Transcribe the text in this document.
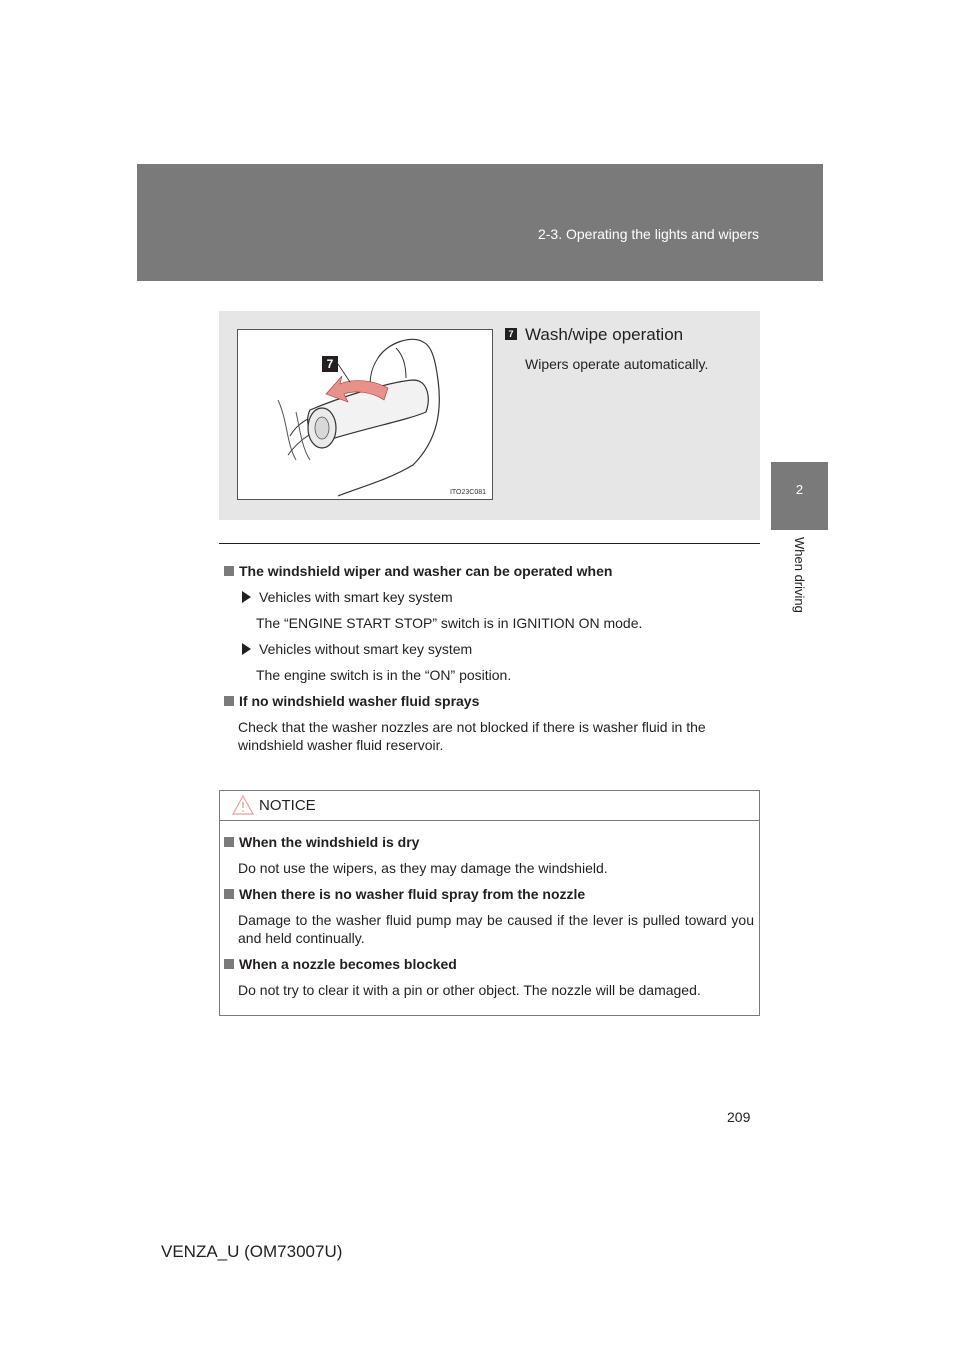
2-3. Operating the lights and wipers
2
When driving
7
ITO23C081
7 Wash/wipe operation
Wipers operate automatically.
The windshield wiper and washer can be operated when
Vehicles with smart key system
The “ENGINE START STOP” switch is in IGNITION ON mode.
Vehicles without smart key system
The engine switch is in the “ON” position.
If no windshield washer fluid sprays
Check that the washer nozzles are not blocked if there is washer fluid in the windshield washer fluid reservoir.
NOTICE
When the windshield is dry
Do not use the wipers, as they may damage the windshield.
When there is no washer fluid spray from the nozzle
Damage to the washer fluid pump may be caused if the lever is pulled toward you and held continually.
When a nozzle becomes blocked
Do not try to clear it with a pin or other object. The nozzle will be damaged.
209
VENZA_U (OM73007U)
